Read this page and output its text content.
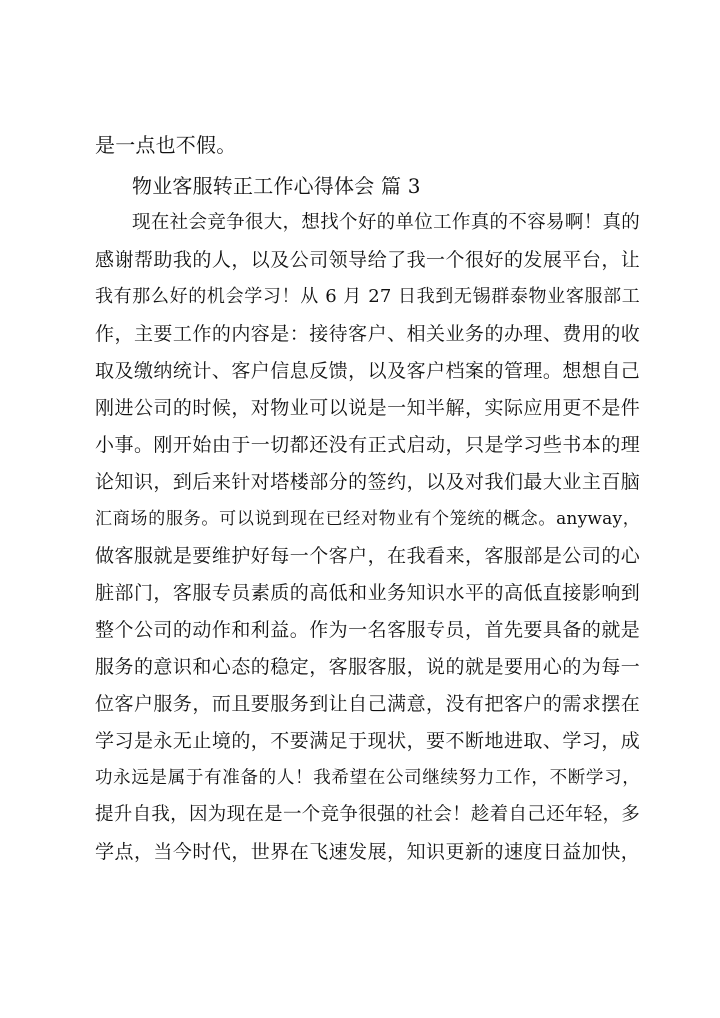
是一点也不假。
物业客服转正工作心得体会 篇 3
现在社会竞争很大，想找个好的单位工作真的不容易啊！真的
感谢帮助我的人，以及公司领导给了我一个很好的发展平台，让
我有那么好的机会学习！从 6 月 27 日我到无锡群泰物业客服部工
作，主要工作的内容是：接待客户、相关业务的办理、费用的收
取及缴纳统计、客户信息反馈，以及客户档案的管理。想想自己
刚进公司的时候，对物业可以说是一知半解，实际应用更不是件
小事。刚开始由于一切都还没有正式启动，只是学习些书本的理
论知识，到后来针对塔楼部分的签约，以及对我们最大业主百脑
汇商场的服务。可以说到现在已经对物业有个笼统的概念。anyway，
做客服就是要维护好每一个客户，在我看来，客服部是公司的心
脏部门，客服专员素质的高低和业务知识水平的高低直接影响到
整个公司的动作和利益。作为一名客服专员，首先要具备的就是
服务的意识和心态的稳定，客服客服，说的就是要用心的为每一
位客户服务，而且要服务到让自己满意，没有把客户的需求摆在
学习是永无止境的，不要满足于现状，要不断地进取、学习，成
功永远是属于有准备的人！我希望在公司继续努力工作，不断学习，
提升自我，因为现在是一个竞争很强的社会！趁着自己还年轻，多
学点，当今时代，世界在飞速发展，知识更新的速度日益加快，
